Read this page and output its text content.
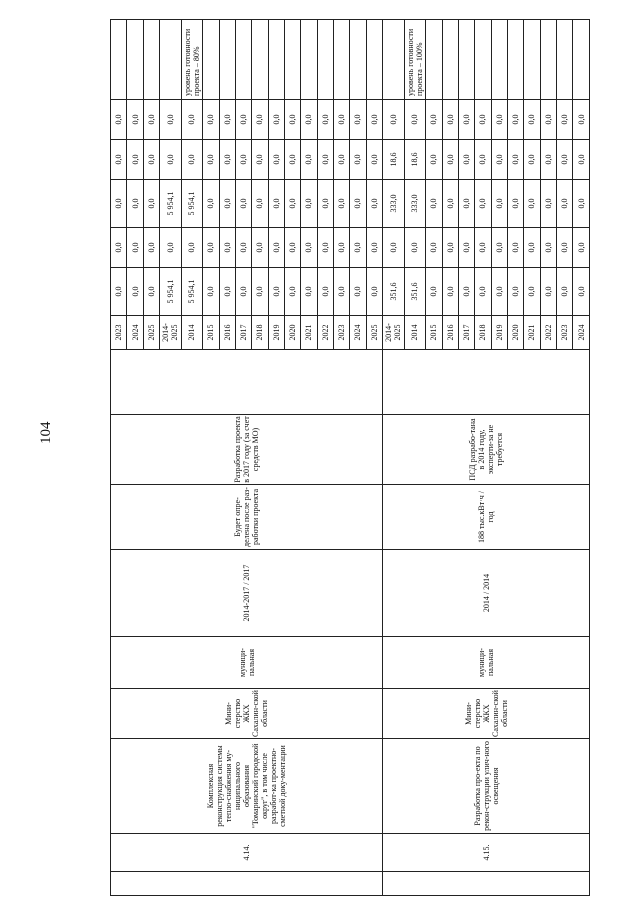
104
	4.14.	Комплексная реконструкция системы тепло-снабжения му-ниципального образования "Томаринский городской округ", в том числе разработ-ка проектно-сметной доку-ментации	Мини-стерство ЖКХ Сахалин-ской области	муници-пальная	2014-2017 / 2017	Будет опре-делена после раз-работки проекта	Разработка проекта в 2017 году (за счет средств МО)		2023	0,0	0,0	0,0	0,0	0,0	
									2024	0,0	0,0	0,0	0,0	0,0	
									2025	0,0	0,0	0,0	0,0	0,0	
									2014-2025	5 954,1	0,0	5 954,1	0,0	0,0	
									2014	5 954,1	0,0	5 954,1	0,0	0,0	уровень готовности проекта – 80%
									2015	0,0	0,0	0,0	0,0	0,0	
									2016	0,0	0,0	0,0	0,0	0,0	
									2017	0,0	0,0	0,0	0,0	0,0	
									2018	0,0	0,0	0,0	0,0	0,0	
									2019	0,0	0,0	0,0	0,0	0,0	
									2020	0,0	0,0	0,0	0,0	0,0	
									2021	0,0	0,0	0,0	0,0	0,0	
									2022	0,0	0,0	0,0	0,0	0,0	
									2023	0,0	0,0	0,0	0,0	0,0	
									2024	0,0	0,0	0,0	0,0	0,0	
									2025	0,0	0,0	0,0	0,0	0,0	
	4.15.	Разработка про-екта по рекон-струкции улич-ного освещения	Мини-стерство ЖКХ Сахалин-ской области	муници-пальная	2014 / 2014	188 тыс.кВт·ч / год	ПСД разрабо-тана в 2014 году, эксперти-за не требуется		2014-2025	351,6	0,0	333,0	18,6	0,0	
									2014	351,6	0,0	333,0	18,6	0,0	уровень готовности проекта – 100%
									2015	0,0	0,0	0,0	0,0	0,0	
									2016	0,0	0,0	0,0	0,0	0,0	
									2017	0,0	0,0	0,0	0,0	0,0	
									2018	0,0	0,0	0,0	0,0	0,0	
									2019	0,0	0,0	0,0	0,0	0,0	
									2020	0,0	0,0	0,0	0,0	0,0	
									2021	0,0	0,0	0,0	0,0	0,0	
									2022	0,0	0,0	0,0	0,0	0,0	
									2023	0,0	0,0	0,0	0,0	0,0	
									2024	0,0	0,0	0,0	0,0	0,0	
